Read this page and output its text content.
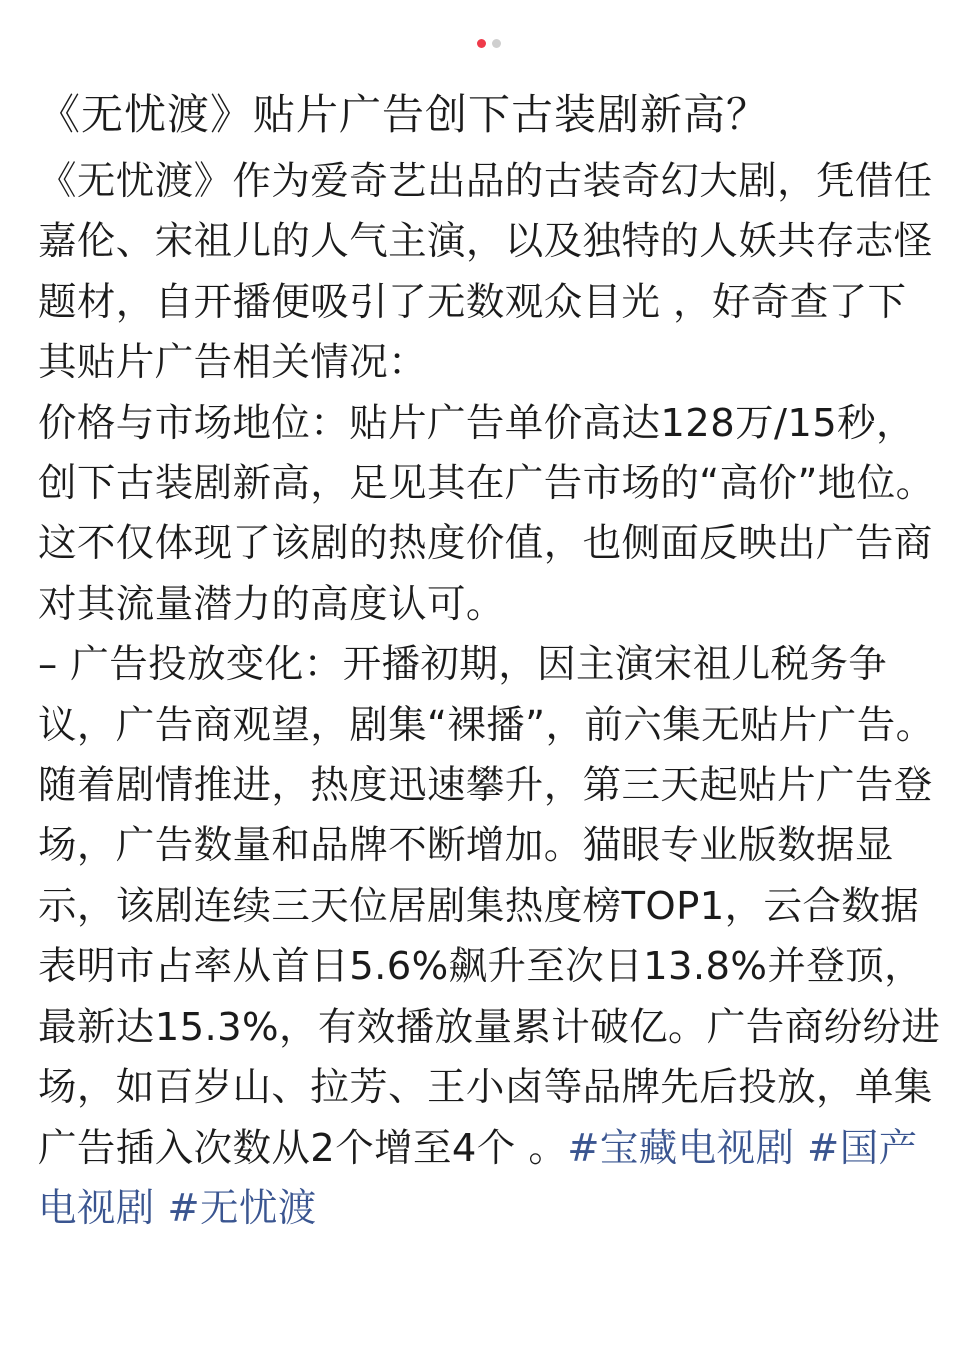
《无忧渡》贴片广告创下古装剧新高？

《无忧渡》作为爱奇艺出品的古装奇幻大剧，凭借任嘉伦、宋祖儿的人气主演，以及独特的人妖共存志怪题材，自开播便吸引了无数观众目光 ，好奇查了下其贴片广告相关情况：

价格与市场地位：贴片广告单价高达128万/15秒，创下古装剧新高，足见其在广告市场的“高价”地位。这不仅体现了该剧的热度价值，也侧面反映出广告商对其流量潜力的高度认可。

– 广告投放变化：开播初期，因主演宋祖儿税务争议，广告商观望，剧集“裸播”，前六集无贴片广告。随着剧情推进，热度迅速攀升，第三天起贴片广告登场，广告数量和品牌不断增加。猫眼专业版数据显示，该剧连续三天位居剧集热度榜TOP1，云合数据表明市占率从首日5.6%飙升至次日13.8%并登顶，最新达15.3%，有效播放量累计破亿。广告商纷纷进场，如百岁山、拉芳、王小卤等品牌先后投放，单集广告插入次数从2个增至4个 。#宝藏电视剧 #国产电视剧 #无忧渡
